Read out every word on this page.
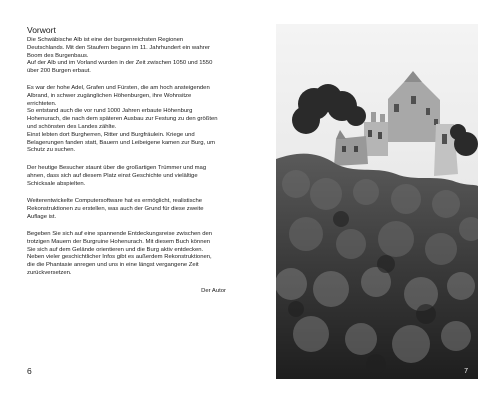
Vorwort

Die Schwäbische Alb ist eine der burgenreichsten Regionen

Deutschlands. Mit den Staufern begann im 11. Jahrhundert ein wahrer

Boom des Burgenbaus.

Auf der Alb und im Vorland wurden in der Zeit zwischen 1050 und 1550

über 200 Burgen erbaut.

Es war der hohe Adel, Grafen und Fürsten, die am hoch ansteigenden

Albrand, in schwer zugänglichen Höhenburgen, ihre Wohnsitze

errichteten.

So entstand auch die vor rund 1000 Jahren erbaute Höhenburg

Hohenurach, die nach dem späteren Ausbau zur Festung zu den größten

und schönsten des Landes zählte.

Einst lebten dort Burgherren, Ritter und Burgfräulein. Kriege und

Belagerungen fanden statt, Bauern und Leibeigene kamen zur Burg, um

Schutz zu suchen.

Der heutige Besucher staunt über die großartigen Trümmer und mag

ahnen, dass sich auf diesem Platz einst Geschichte und vielältige

Schicksale abspielten.

Weiterentwickelte Computersoftware hat es ermöglicht, realistische

Rekonstruktionen zu erstellen, was auch der Grund für diese zweite

Auflage ist.

Begeben Sie sich auf eine spannende Entdeckungsreise zwischen den

trotzigen Mauern der Burgruine Hohenurach. Mit diesem Buch können

Sie sich auf dem Gelände orientieren und die Burg aktiv entdecken.

Neben vieler geschichtlicher Infos gibt es außerdem Rekonstruktionen,

die die Phantasie anregen und uns in eine längst vergangene Zeit

zurückversetzen.

Der Autor
6	7
